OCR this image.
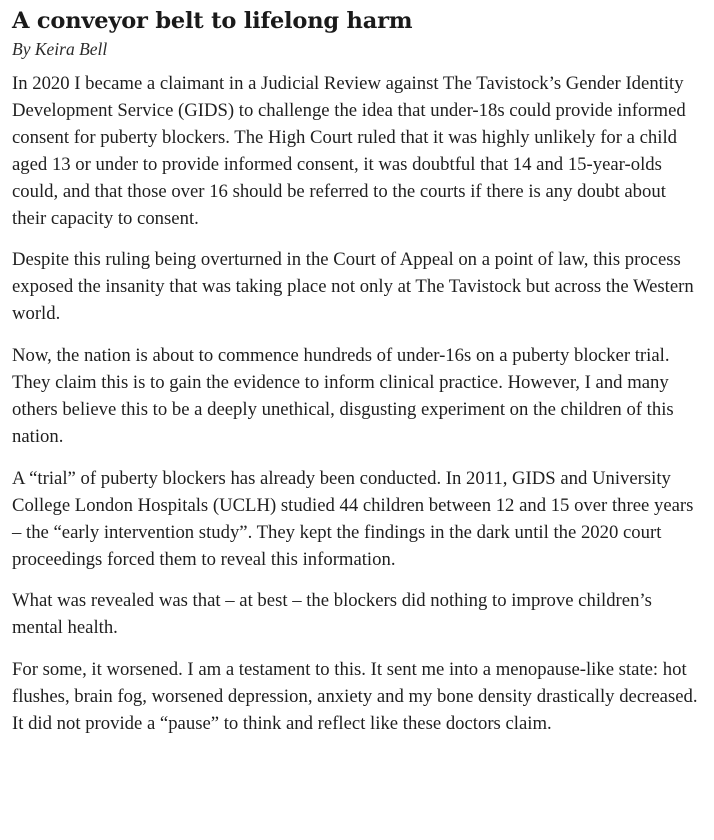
A conveyor belt to lifelong harm
By Keira Bell

In 2020 I became a claimant in a Judicial Review against The Tavistock’s Gender Identity Development Service (GIDS) to challenge the idea that under-18s could provide informed consent for puberty blockers. The High Court ruled that it was highly unlikely for a child aged 13 or under to provide informed consent, it was doubtful that 14 and 15-year-olds could, and that those over 16 should be referred to the courts if there is any doubt about their capacity to consent.

Despite this ruling being overturned in the Court of Appeal on a point of law, this process exposed the insanity that was taking place not only at The Tavistock but across the Western world.

Now, the nation is about to commence hundreds of under-16s on a puberty blocker trial. They claim this is to gain the evidence to inform clinical practice. However, I and many others believe this to be a deeply unethical, disgusting experiment on the children of this nation.

A “trial” of puberty blockers has already been conducted. In 2011, GIDS and University College London Hospitals (UCLH) studied 44 children between 12 and 15 over three years – the “early intervention study”. They kept the findings in the dark until the 2020 court proceedings forced them to reveal this information.

What was revealed was that – at best – the blockers did nothing to improve children’s mental health.

For some, it worsened. I am a testament to this. It sent me into a menopause-like state: hot flushes, brain fog, worsened depression, anxiety and my bone density drastically decreased. It did not provide a “pause” to think and reflect like these doctors claim.
